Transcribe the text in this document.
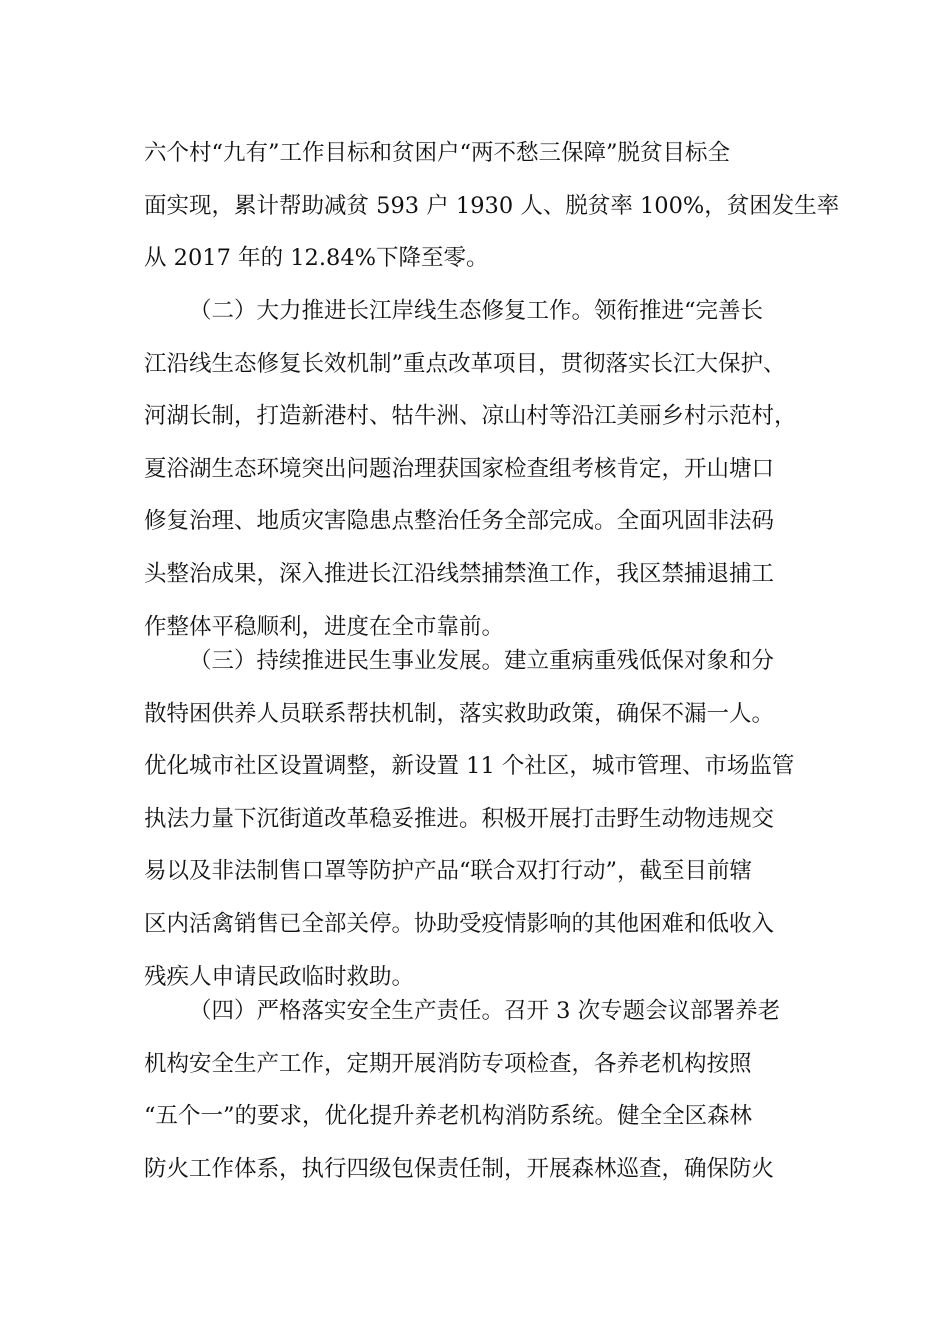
六个村“九有”工作目标和贫困户“两不愁三保障”脱贫目标全
面实现，累计帮助减贫 593 户 1930 人、脱贫率 100%，贫困发生率
从 2017 年的 12.84%下降至零。

（二）大力推进长江岸线生态修复工作。领衔推进“完善长
江沿线生态修复长效机制”重点改革项目，贯彻落实长江大保护、
河湖长制，打造新港村、牯牛洲、凉山村等沿江美丽乡村示范村，
夏浴湖生态环境突出问题治理获国家检查组考核肯定，开山塘口
修复治理、地质灾害隐患点整治任务全部完成。全面巩固非法码
头整治成果，深入推进长江沿线禁捕禁渔工作，我区禁捕退捕工
作整体平稳顺利，进度在全市靠前。

（三）持续推进民生事业发展。建立重病重残低保对象和分
散特困供养人员联系帮扶机制，落实救助政策，确保不漏一人。
优化城市社区设置调整，新设置 11 个社区，城市管理、市场监管
执法力量下沉街道改革稳妥推进。积极开展打击野生动物违规交
易以及非法制售口罩等防护产品“联合双打行动”，截至目前辖
区内活禽销售已全部关停。协助受疫情影响的其他困难和低收入
残疾人申请民政临时救助。

（四）严格落实安全生产责任。召开 3 次专题会议部署养老
机构安全生产工作，定期开展消防专项检查，各养老机构按照
“五个一”的要求，优化提升养老机构消防系统。健全全区森林
防火工作体系，执行四级包保责任制，开展森林巡查，确保防火
